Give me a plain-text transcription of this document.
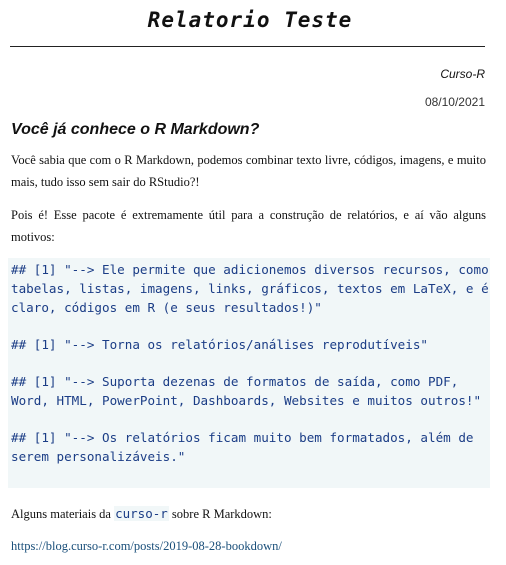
Relatorio Teste
Curso-R
08/10/2021
Você já conhece o R Markdown?

Você sabia que com o R Markdown, podemos combinar texto livre, códigos, imagens, e muito mais, tudo isso sem sair do RStudio?!

Pois é! Esse pacote é extremamente útil para a construção de relatórios, e aí vão alguns motivos:

## [1] "--> Ele permite que adicionemos diversos recursos, como tabelas, listas, imagens, links, gráficos, textos em LaTeX, e é claro, códigos em R (e seus resultados!)"

## [1] "--> Torna os relatórios/análises reprodutíveis"

## [1] "--> Suporta dezenas de formatos de saída, como PDF, Word, HTML, PowerPoint, Dashboards, Websites e muitos outros!"

## [1] "--> Os relatórios ficam muito bem formatados, além de serem personalizáveis."

Alguns materiais da curso-r sobre R Markdown:

https://blog.curso-r.com/posts/2019-08-28-bookdown/
